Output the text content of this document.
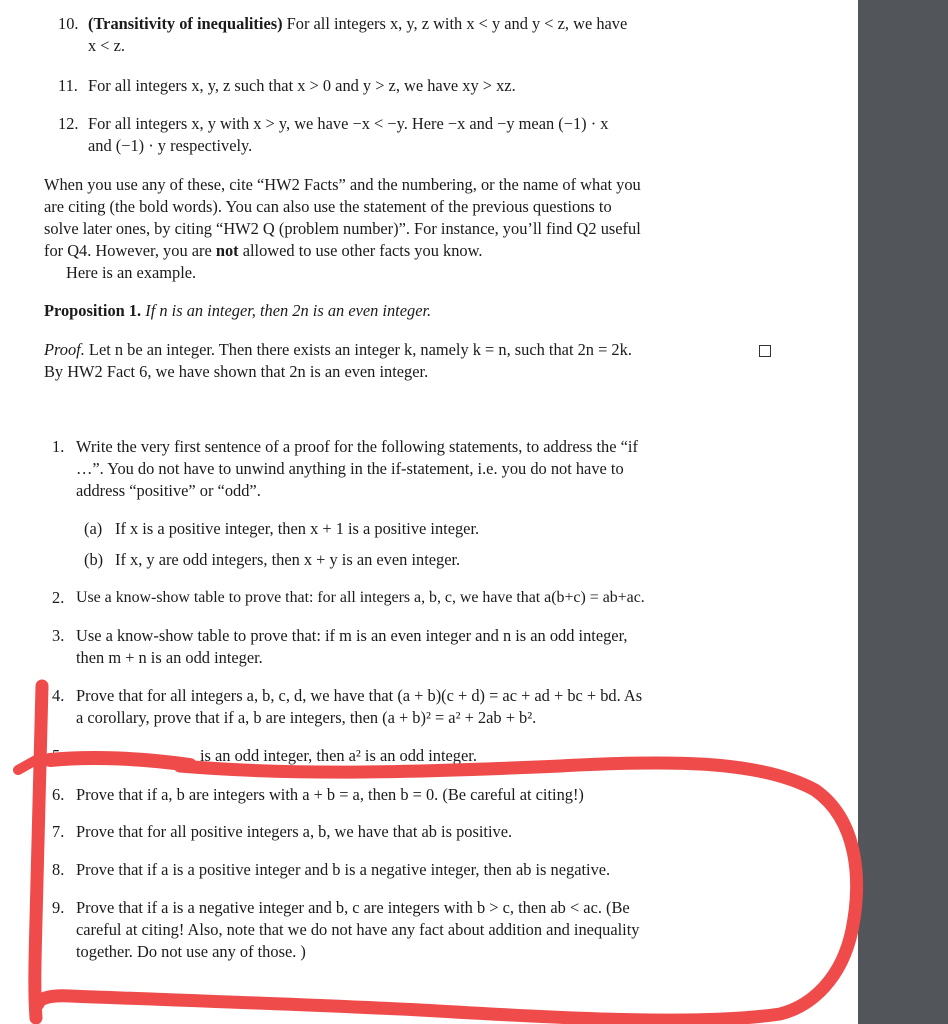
10. (Transitivity of inequalities) For all integers x, y, z with x < y and y < z, we have
x < z.
11. For all integers x, y, z such that x > 0 and y > z, we have xy > xz.
12. For all integers x, y with x > y, we have −x < −y. Here −x and −y mean (−1) · x
and (−1) · y respectively.
When you use any of these, cite “HW2 Facts” and the numbering, or the name of what you
are citing (the bold words). You can also use the statement of the previous questions to
solve later ones, by citing “HW2 Q (problem number)”. For instance, you’ll find Q2 useful
for Q4. However, you are not allowed to use other facts you know.
Here is an example.
Proposition 1. If n is an integer, then 2n is an even integer.
Proof. Let n be an integer. Then there exists an integer k, namely k = n, such that 2n = 2k.
By HW2 Fact 6, we have shown that 2n is an even integer.
1. Write the very first sentence of a proof for the following statements, to address the “if
…”. You do not have to unwind anything in the if-statement, i.e. you do not have to
address “positive” or “odd”.
(a) If x is a positive integer, then x + 1 is a positive integer.
(b) If x, y are odd integers, then x + y is an even integer.
2. Use a know-show table to prove that: for all integers a, b, c, we have that a(b+c) = ab+ac.
3. Use a know-show table to prove that: if m is an even integer and n is an odd integer,
then m + n is an odd integer.
4. Prove that for all integers a, b, c, d, we have that (a + b)(c + d) = ac + ad + bc + bd. As
a corollary, prove that if a, b are integers, then (a + b)² = a² + 2ab + b².
5.	is an odd integer, then a² is an odd integer.
6. Prove that if a, b are integers with a + b = a, then b = 0. (Be careful at citing!)
7. Prove that for all positive integers a, b, we have that ab is positive.
8. Prove that if a is a positive integer and b is a negative integer, then ab is negative.
9. Prove that if a is a negative integer and b, c are integers with b > c, then ab < ac. (Be
careful at citing! Also, note that we do not have any fact about addition and inequality
together. Do not use any of those. )
